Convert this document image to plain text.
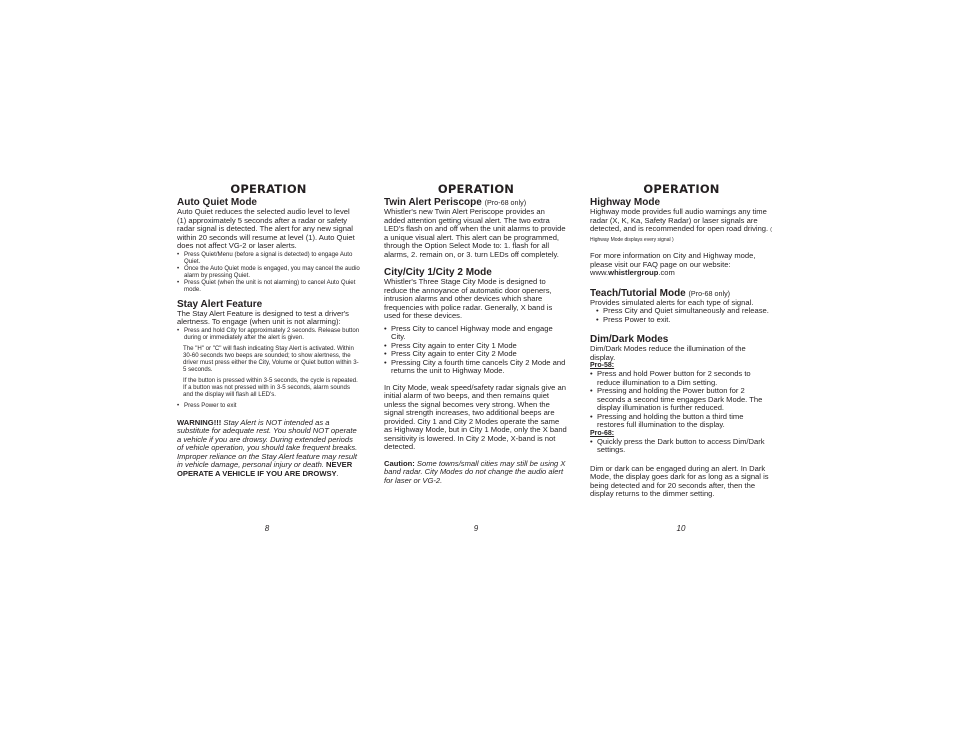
OPERATION
Auto Quiet Mode

Auto Quiet reduces the selected audio level to level (1) approximately 5 seconds after a radar or safety radar signal is detected. The alert for any new signal within 20 seconds will resume at level (1). Auto Quiet does not affect VG-2 or laser alerts.

• Press Quiet/Menu (before a signal is detected) to engage Auto Quiet.
• Once the Auto Quiet mode is engaged, you may cancel the audio alarm by pressing Quiet.
• Press Quiet (when the unit is not alarming) to cancel Auto Quiet mode.
Stay Alert Feature

The Stay Alert Feature is designed to test a driver's alertness. To engage (when unit is not alarming):

• Press and hold City for approximately 2 seconds. Release button during or immediately after the alert is given.

The "H" or "C" will flash indicating Stay Alert is activated. Within 30-60 seconds two beeps are sounded; to show alertness, the driver must press either the City, Volume or Quiet button within 3-5 seconds.

If the button is pressed within 3-5 seconds, the cycle is repeated. If a button was not pressed with in 3-5 seconds, alarm sounds and the display will flash all LED's.

• Press Power to exit

WARNING!!! Stay Alert is NOT intended as a substitute for adequate rest. You should NOT operate a vehicle if you are drowsy. During extended periods of vehicle operation, you should take frequent breaks. Improper reliance on the Stay Alert feature may result in vehicle damage, personal injury or death. NEVER OPERATE A VEHICLE IF YOU ARE DROWSY.

8
OPERATION
Twin Alert Periscope (Pro-68 only)

Whistler's new Twin Alert Periscope provides an added attention getting visual alert. The two extra LED's flash on and off when the unit alarms to provide a unique visual alert. This alert can be programmed, through the Option Select Mode to: 1. flash for all alarms, 2. remain on, or 3. turn LEDs off completely.

City/City 1/City 2 Mode

Whistler's Three Stage City Mode is designed to reduce the annoyance of automatic door openers, intrusion alarms and other devices which share frequencies with police radar. Generally, X band is used for these devices.

• Press City to cancel Highway mode and engage City.
• Press City again to enter City 1 Mode
• Press City again to enter City 2 Mode
• Pressing City a fourth time cancels City 2 Mode and returns the unit to Highway Mode.

In City Mode, weak speed/safety radar signals give an initial alarm of two beeps, and then remains quiet unless the signal becomes very strong. When the signal strength increases, two additional beeps are provided. City 1 and City 2 Modes operate the same as Highway Mode, but in City 1 Mode, only the X band sensitivity is lowered. In City 2 Mode, X-band is not detected.

Caution: Some towns/small cities may still be using X band radar. City Modes do not change the audio alert for laser or VG-2.

9
OPERATION
Highway Mode

Highway mode provides full audio warnings any time radar (X, K, Ka, Safety Radar) or laser signals are detected, and is recommended for open road driving. ( Highway Mode displays every signal )

For more information on City and Highway mode, please visit our FAQ page on our website: www.whistlergroup.com

Teach/Tutorial Mode (Pro-68 only)

Provides simulated alerts for each type of signal.

• Press City and Quiet simultaneously and release.
• Press Power to exit.
Dim/Dark Modes

Dim/Dark Modes reduce the illumination of the display.

Pro-58:
• Press and hold Power button for 2 seconds to reduce illumination to a Dim setting.
• Pressing and holding the Power button for 2 seconds a second time engages Dark Mode. The display illumination is further reduced.
• Pressing and holding the button a third time restores full illumination to the display.
Pro-68:
• Quickly press the Dark button to access Dim/Dark settings.

Dim or dark can be engaged during an alert. In Dark Mode, the display goes dark for as long as a signal is being detected and for 20 seconds after, then the display returns to the dimmer setting.

10
